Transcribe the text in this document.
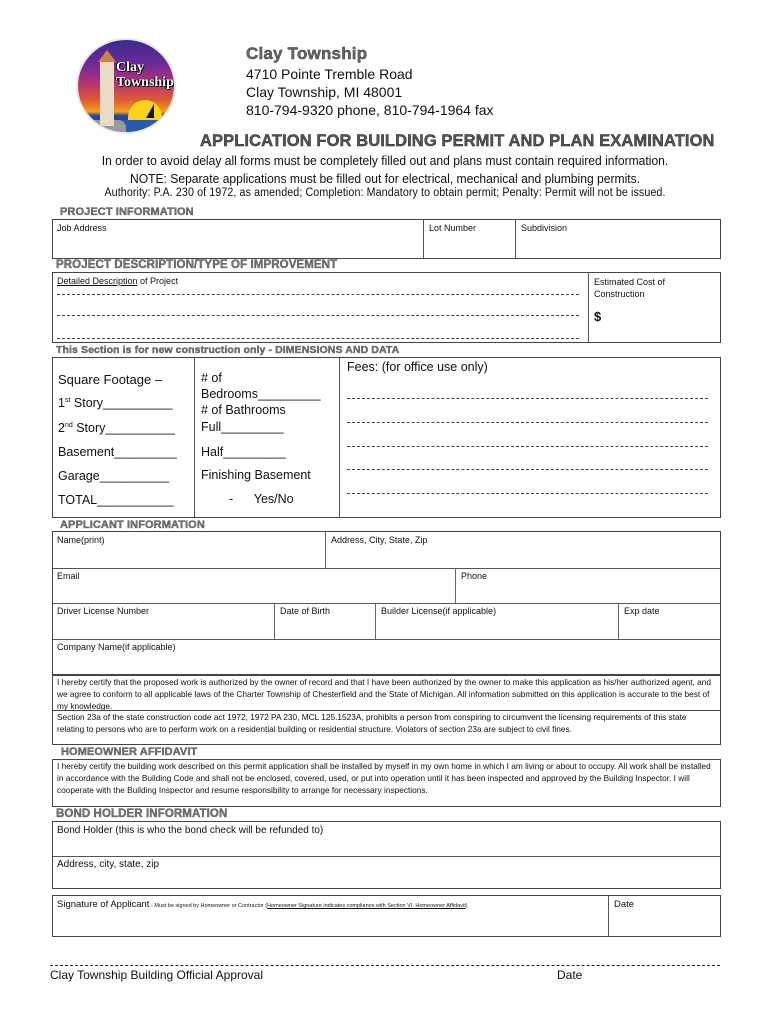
Clay
Township
Clay Township
4710 Pointe Tremble Road
Clay Township, MI 48001
810-794-9320 phone, 810-794-1964 fax
APPLICATION FOR BUILDING PERMIT AND PLAN EXAMINATION
In order to avoid delay all forms must be completely filled out and plans must contain required information.
NOTE: Separate applications must be filled out for electrical, mechanical and plumbing permits.
Authority: P.A. 230 of 1972, as amended; Completion: Mandatory to obtain permit; Penalty: Permit will not be issued.
PROJECT INFORMATION
Job Address	Lot Number	Subdivision
PROJECT DESCRIPTION/TYPE OF IMPROVEMENT
Detailed Description of Project	Estimated Cost of Construction
$
This Section is for new construction only - DIMENSIONS AND DATA
Square Footage –
1st Story__________
2nd Story__________
Basement_________
Garage__________
TOTAL___________
# of
Bedrooms_________
# of Bathrooms
Full_________
Half_________
Finishing Basement
-      Yes/No
Fees: (for office use only)
APPLICANT INFORMATION
Name(print)	Address, City, State, Zip
Email	Phone
Driver License Number	Date of Birth	Builder License(if applicable)	Exp date
Company Name(if applicable)
I hereby certify that the proposed work is authorized by the owner of record and that I have been authorized by the owner to make this application as his/her authorized agent, and we agree to conform to all applicable laws of the Charter Township of Chesterfield and the State of Michigan. All information submitted on this application is accurate to the best of my knowledge.
Section 23a of the state construction code act 1972, 1972 PA 230, MCL 125.1523A, prohibits a person from conspiring to circumvent the licensing requirements of this state relating to persons who are to perform work on a residential building or residential structure. Violators of section 23a are subject to civil fines.
HOMEOWNER AFFIDAVIT
I hereby certify the building work described on this permit application shall be installed by myself in my own home in which I am living or about to occupy. All work shall be installed in accordance with the Building Code and shall not be enclosed, covered, used, or put into operation until it has been inspected and approved by the Building Inspector. I will cooperate with the Building Inspector and resume responsibility to arrange for necessary inspections.
BOND HOLDER INFORMATION
Bond Holder (this is who the bond check will be refunded to)
Address, city, state, zip
Signature of Applicant - Must be signed by Homeowner or Contractor (Homeowner Signature indicates compliance with Section VI. Homeowner Affidavit)	Date
Clay Township Building Official Approval	Date
